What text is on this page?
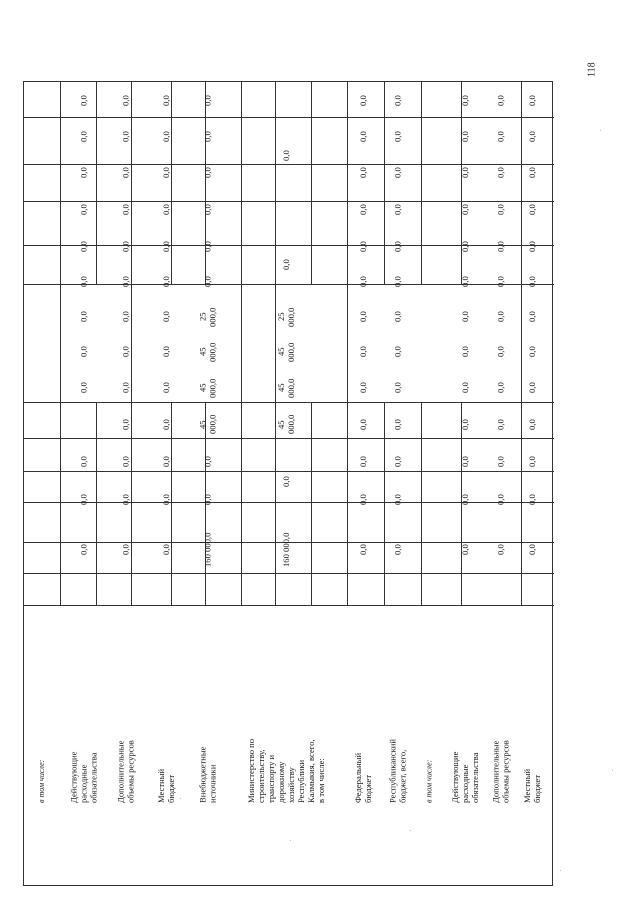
118
в том числе:	Действующие
расходные
обязательства
0,0
0,0
0,0
0,0
0,0
0,0
0,0
0,0
0,0
0,0
0,0
0,0
Дополнительные
объемы ресурсов
0,0
0,0
0,0
0,0
0,0
0,0
0,0
0,0
0,0
0,0
0,0
0,0
0,0
Местный
бюджет
0,0
0,0
0,0
0,0
0,0
0,0
0,0
0,0
0,0
0,0
0,0
0,0
0,0
Внебюджетные
источники
160 000,0
0,0
0,0
45
000,0
45
000,0
45
000,0
25
000,0
0,0
0,0
0,0
0,0
0,0
0,0
Министерство по
строительству,
транспорту и
дорожному
хозяйству
Республики
Калмыкия, всего,
в том числе:
160 000,0
0,0
45
000,0
45
000,0
45
000,0
25
000,0
0,0
0,0
Федеральный
бюджет
0,0
0,0
0,0
0,0
0,0
0,0
0,0
0,0
0,0
0,0
0,0
0,0
0,0
Республиканский
бюджет, всего,
0,0
0,0
0,0
0,0
0,0
0,0
0,0
0,0
0,0
0,0
0,0
0,0
0,0
в том числе:	Действующие
расходные
обязательства
0,0
0,0
0,0
0,0
0,0
0,0
0,0
0,0
0,0
0,0
0,0
0,0
0,0
Дополнительные
объемы ресурсов
0,0
0,0
0,0
0,0
0,0
0,0
0,0
0,0
0,0
0,0
0,0
0,0
0,0
Местный
бюджет
0,0
0,0
0,0
0,0
0,0
0,0
0,0
0,0
0,0
0,0
0,0
0,0
0,0
